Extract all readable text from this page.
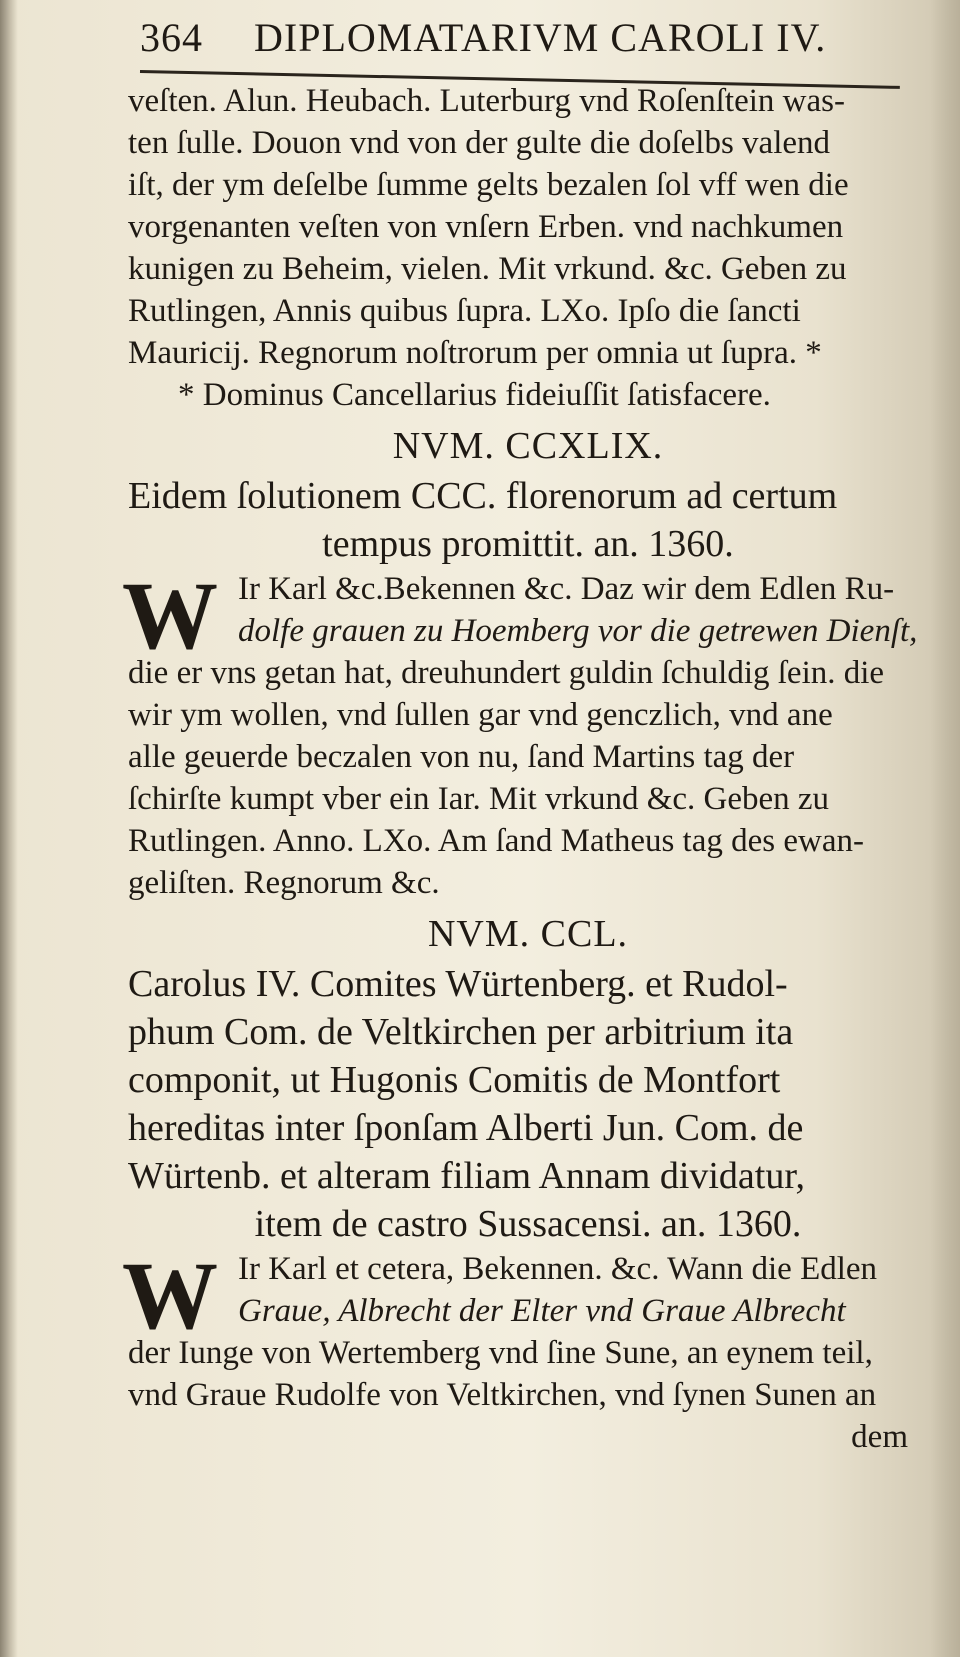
364 DIPLOMATARIVM CAROLI IV.
veſten. Alun. Heubach. Luterburg vnd Roſenſtein was-
ten ſulle. Douon vnd von der gulte die doſelbs valend
iſt, der ym deſelbe ſumme gelts bezalen ſol vff wen die
vorgenanten veſten von vnſern Erben. vnd nachkumen
kunigen zu Beheim, vielen. Mit vrkund. &c. Geben zu
Rutlingen, Annis quibus ſupra. LXo. Ipſo die ſancti
Mauricij. Regnorum noſtrorum per omnia ut ſupra. *
* Dominus Cancellarius fideiuſſit ſatisfacere.
NVM. CCXLIX.
Eidem ſolutionem CCC. florenorum ad certum
tempus promittit. an. 1360.
W Ir Karl &c.Bekennen &c. Daz wir dem Edlen Ru-
dolfe grauen zu Hoemberg vor die getrewen Dienſt,
die er vns getan hat, dreuhundert guldin ſchuldig ſein. die
wir ym wollen, vnd ſullen gar vnd genczlich, vnd ane
alle geuerde beczalen von nu, ſand Martins tag der
ſchirſte kumpt vber ein Iar. Mit vrkund &c. Geben zu
Rutlingen. Anno. LXo. Am ſand Matheus tag des ewan-
geliſten. Regnorum &c.
NVM. CCL.
Carolus IV. Comites Würtenberg. et Rudol-
phum Com. de Veltkirchen per arbitrium ita
componit, ut Hugonis Comitis de Montfort
hereditas inter ſponſam Alberti Jun. Com. de
Würtenb. et alteram filiam Annam dividatur,
item de castro Sussacensi. an. 1360.
W Ir Karl et cetera, Bekennen. &c. Wann die Edlen
Graue, Albrecht der Elter vnd Graue Albrecht
der Iunge von Wertemberg vnd ſine Sune, an eynem teil,
vnd Graue Rudolfe von Veltkirchen, vnd ſynen Sunen an
dem
